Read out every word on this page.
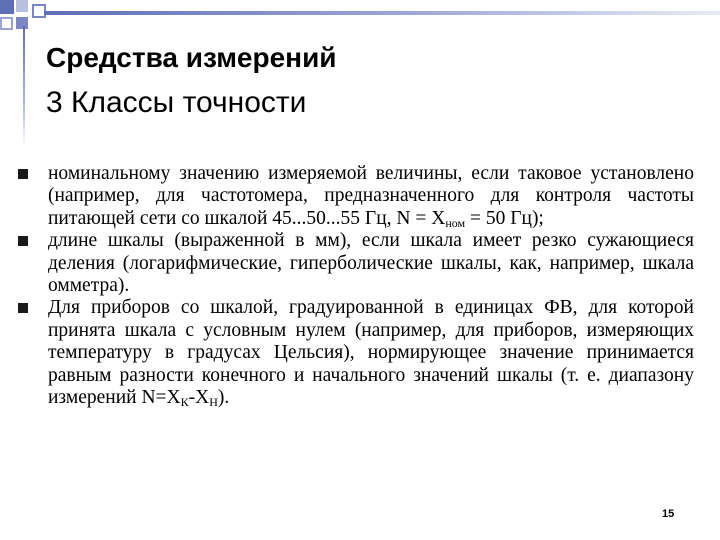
Средства измерений
3 Классы точности
номинальному значению измеряемой величины, если таковое установлено (например, для частотомера, предназначенного для контроля частоты питающей сети со шкалой 45...50...55 Гц, $N = X_{ном} = 50$ Гц);
длине шкалы (выраженной в мм), если шкала имеет резко сужающиеся деления (логарифмические, гиперболические шкалы, как, например, шкала омметра).
Для приборов со шкалой, градуированной в единицах ФВ, для которой принята шкала с условным нулем (например, для приборов, измеряющих температуру в градусах Цельсия), нормирующее значение принимается равным разности конечного и начального значений шкалы (т. е. диапазону измерений $N=X_К-X_Н$).
15
